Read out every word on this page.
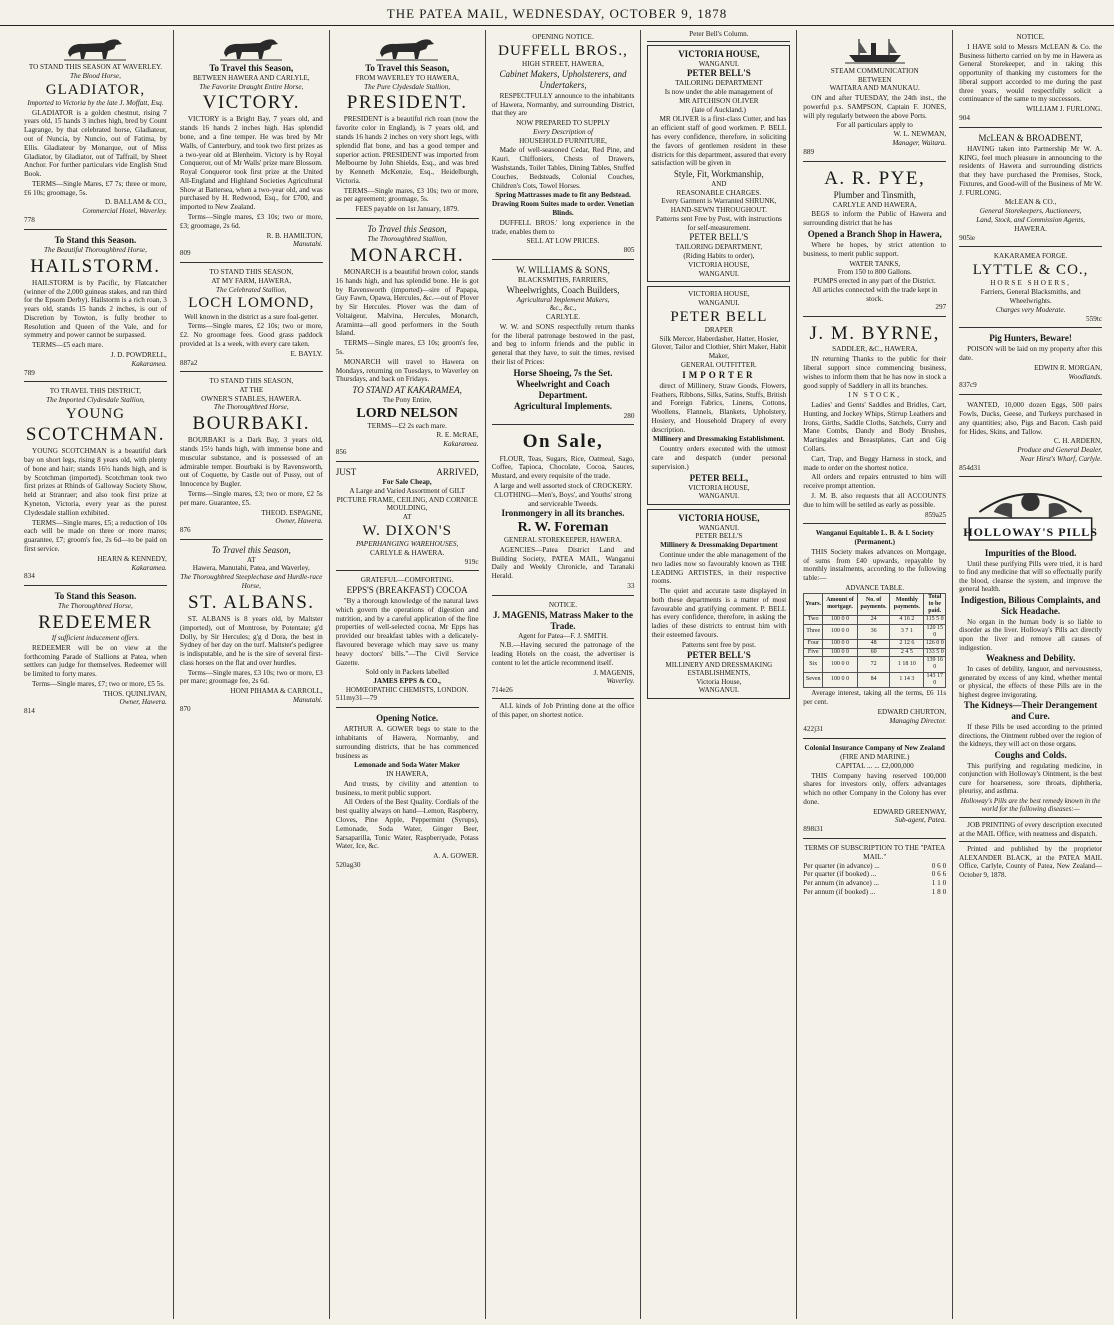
THE PATEA MAIL, WEDNESDAY, OCTOBER 9, 1878
TO STAND THIS SEASON AT WAVERLEY.
The Blood Horse,
GLADIATOR,
Imported to Victoria by the late J. Moffatt, Esq.

GLADIATOR is a golden chestnut, rising 7 years old, 15 hands 3 inches high, bred by Count Lagrange, by that celebrated horse, Gladiateur, out of Nuncia, by Nuncio, out of Fatima, by Ellis. Gladiateur by Monarque, out of Miss Gladiator, by Gladiator, out of Taffrail, by Sheet Anchor. For further particulars vide English Stud Book.

TERMS—Single Mares, £7 7s; three or more, £6 10s; groomage, 5s.

D. BALLAM & CO.,
Commercial Hotel, Waverley.
778
To Stand this Season.
The Beautiful Thoroughbred Horse,
HAILSTORM.

HAILSTORM is by Pacific, by Flatcatcher (winner of the 2,000 guineas stakes, and ran third for the Epsom Derby). Hailstorm is a rich roan, 3 years old, stands 15 hands 2 inches, is out of Discretion by Towton, is fully brother to Resolution and Queen of the Vale, and for symmetry and power cannot be surpassed.

TERMS—£5 each mare.

J. D. POWDRELL,
Kakaramea.
789
TO TRAVEL THIS DISTRICT,
The Imported Clydesdale Stallion,
YOUNG
SCOTCHMAN.

YOUNG SCOTCHMAN is a beautiful dark bay on short legs, rising 8 years old, with plenty of bone and hair; stands 16½ hands high, and is by Scotchman (imported). Scotchman took two first prizes at Rhinds of Galloway Society Show, held at Stranraer; and also took first prize at Kyneton, Victoria, every year as the purest Clydesdale stallion exhibited.

TERMS—Single mares, £5; a reduction of 10s each will be made on three or more mares; guarantee, £7; groom's fee, 2s 6d—to be paid on first service.

HEARN & KENNEDY,
Kakaramea.
834
To Stand this Season.
The Thoroughbred Horse,
REDEEMER
If sufficient inducement offers.

REDEEMER will be on view at the forthcoming Parade of Stallions at Patea, when settlers can judge for themselves. Redeemer will be limited to forty mares.

Terms—Single mares, £7; two or more, £5 5s.

THOS. QUINLIVAN,
Owner, Hawera.
814
To Travel this Season,
BETWEEN HAWERA AND CARLYLE,
The Favorite Draught Entire Horse,
VICTORY.

VICTORY is a Bright Bay, 7 years old, and stands 16 hands 2 inches high. Has splendid bone, and a fine temper. He was bred by Mr Walls, of Canterbury, and took two first prizes as a two-year old at Blenheim. Victory is by Royal Conqueror, out of Mr Walls' prize mare Blossom. Royal Conqueror took first prize at the United All-England and Highland Societies Agricultural Show at Battersea, when a two-year old, and was purchased by H. Redwood, Esq., for £700, and imported to New Zealand.

Terms—Single mares, £3 10s; two or more, £3; groomage, 2s 6d.

R. B. HAMILTON,
Manutahi.
809
TO STAND THIS SEASON,
AT MY FARM, HAWERA,
The Celebrated Stallion,
LOCH LOMOND,
Well known in the district as a sure foal-getter.

Terms—Single mares, £2 10s; two or more, £2. No groomage fees. Good grass paddock provided at 1s a week, with every care taken.

E. BAYLY.
887a2
TO STAND THIS SEASON,
AT THE
OWNER'S STABLES, HAWERA.
The Thoroughbred Horse,
BOURBAKI.

BOURBAKI is a Dark Bay, 3 years old, stands 15½ hands high, with immense bone and muscular substance, and is possessed of an admirable temper. Bourbaki is by Ravensworth, out of Coquette, by Castle out of Pussy, out of Innocence by Bugler.

Terms—Single mares, £3; two or more, £2 5s per mare. Guarantee, £5.

THEOD. ESPAGNE,
Owner, Hawera.
876
To Travel this Season,
AT
Hawera, Manutahi, Patea, and Waverley,
The Thoroughbred Steeplechase and Hurdle-race Horse,
ST. ALBANS.

ST. ALBANS is 8 years old, by Maltster (imported), out of Montrose, by Potentate; g'd Dolly, by Sir Hercules; g'g d Dora, the best in Sydney of her day on the turf. Maltster's pedigree is indisputable, and he is the sire of several first-class horses on the flat and over hurdles.

Terms—Single mares, £3 10s; two or more, £3 per mare; groomage fee, 2s 6d.

HONI PIHAMA & CARROLL,
Manutahi.
870
To Travel this Season,
FROM WAVERLEY TO HAWERA,
The Pure Clydesdale Stallion,
PRESIDENT.

PRESIDENT is a beautiful rich roan (now the favorite color in England), is 7 years old, and stands 16 hands 2 inches on very short legs, with splendid flat bone, and has a good temper and superior action. PRESIDENT was imported from Melbourne by John Shields, Esq., and was bred by Kenneth McKenzie, Esq., Heidelburgh, Victoria.

TERMS—Single mares, £3 10s; two or more, as per agreement; groomage, 5s.

FEES payable on 1st January, 1879.
To Travel this Season,
The Thoroughbred Stallion,
MONARCH.

MONARCH is a beautiful brown color, stands 16 hands high, and has splendid bone. He is got by Ravensworth (imported)—sire of Papapa, Guy Fawn, Opawa, Hercules, &c.—out of Plover by Sir Hercules. Plover was the dam of Voltaigeur, Malvina, Hercules, Monarch, Araminta—all good performers in the South Island.

TERMS—Single mares, £3 10s; groom's fee, 5s.

MONARCH will travel to Hawera on Mondays, returning on Tuesdays, to Waverley on Thursdays, and back on Fridays.

TO STAND AT KAKARAMEA,
The Pony Entire,
LORD NELSON
TERMS—£2 2s each mare.
R. E. McRAE,
Kakaramea.
856
JUST	ARRIVED,
For Sale Cheap,
A Large and Varied Assortment of GILT PICTURE FRAME, CEILING, AND CORNICE MOULDING,
AT
W. DIXON'S
PAPERHANGING WAREHOUSES,
CARLYLE & HAWERA.
919c
GRATEFUL—COMFORTING.
EPPS'S (BREAKFAST) COCOA

"By a thorough knowledge of the natural laws which govern the operations of digestion and nutrition, and by a careful application of the fine properties of well-selected cocoa, Mr Epps has provided our breakfast tables with a delicately-flavoured beverage which may save us many heavy doctors' bills."—The Civil Service Gazette.

Sold only in Packets labelled
JAMES EPPS & CO.,
HOMŒOPATHIC CHEMISTS, LONDON.
511my31—79
Opening Notice.

ARTHUR A. GOWER begs to state to the inhabitants of Hawera, Normanby, and surrounding districts, that he has commenced business as

Lemonade and Soda Water Maker
IN HAWERA,

And trusts, by civility and attention to business, to merit public support.

All Orders of the Best Quality. Cordials of the best quality always on hand—Lemon, Raspberry, Cloves, Pine Apple, Peppermint (Syrups), Lemonade, Soda Water, Ginger Beer, Sarsaparilla, Tonic Water, Raspberryade, Potass Water, Ice, &c.

A. A. GOWER.
520ag30
OPENING NOTICE.
DUFFELL BROS.,
HIGH STREET, HAWERA,
Cabinet Makers, Upholsterers, and Undertakers,

RESPECTFULLY announce to the inhabitants of Hawera, Normanby, and surrounding District, that they are

NOW PREPARED TO SUPPLY
Every Description of
HOUSEHOLD FURNITURE,

Made of well-seasoned Cedar, Red Pine, and Kauri. Chiffoniers, Chests of Drawers, Washstands, Toilet Tables, Dining Tables, Stuffed Couches, Bedsteads, Colonial Couches, Children's Cots, Towel Horses.

Spring Mattrasses made to fit any Bedstead.
Drawing Room Suites made to order. Venetian Blinds.

DUFFELL BROS.' long experience in the trade, enables them to

SELL AT LOW PRICES.
805
W. WILLIAMS & SONS,
BLACKSMITHS, FARRIERS,
Wheelwrights, Coach Builders,
Agricultural Implement Makers,
&c., &c.,
CARLYLE.

W. W. and SONS respectfully return thanks for the liberal patronage bestowed in the past, and beg to inform friends and the public in general that they have, to suit the times, revised their list of Prices:

Horse Shoeing, 7s the Set.
Wheelwright and Coach Department.
Agricultural Implements.
280
On Sale,

FLOUR, Teas, Sugars, Rice, Oatmeal, Sago, Coffee, Tapioca, Chocolate, Cocoa, Sauces, Mustard, and every requisite of the trade.

A large and well assorted stock of CROCKERY.
CLOTHING—Men's, Boys', and Youths' strong and serviceable Tweeds.
Ironmongery in all its branches.
R. W. Foreman
GENERAL STOREKEEPER, HAWERA.

AGENCIES—Patea District Land and Building Society, PATEA MAIL, Wanganui Daily and Weekly Chronicle, and Taranaki Herald.

33
NOTICE.
J. MAGENIS, Matrass Maker to the Trade.
Agent for Patea—F. J. SMITH.

N.B.—Having secured the patronage of the leading Hotels on the coast, the advertiser is content to let the article recommend itself.

J. MAGENIS,
Waverley.
714e26

ALL kinds of Job Printing done at the office of this paper, on shortest notice.

Peter Bell's Column.
VICTORIA HOUSE,
WANGANUI.
PETER BELL'S
TAILORING DEPARTMENT
Is now under the able management of
MR AITCHISON OLIVER
(late of Auckland.)

MR OLIVER is a first-class Cutter, and has an efficient staff of good workmen. P. BELL has every confidence, therefore, in soliciting the favors of gentlemen resident in these districts for this department, assured that every satisfaction will be given in

Style, Fit, Workmanship,
AND
REASONABLE CHARGES.
Every Garment is Warranted SHRUNK,
HAND-SEWN THROUGHOUT.
Patterns sent Free by Post, with instructions for self-measurement.
PETER BELL'S
TAILORING DEPARTMENT,
(Riding Habits to order),
VICTORIA HOUSE,
WANGANUI.
VICTORIA HOUSE,
WANGANUI.
PETER BELL
DRAPER
Silk Mercer, Haberdasher, Hatter, Hosier, Glover, Tailor and Clothier, Shirt Maker, Habit Maker,
GENERAL OUTFITTER.
IMPORTER

direct of Millinery, Straw Goods, Flowers, Feathers, Ribbons, Silks, Satins, Stuffs, British and Foreign Fabrics, Linens, Cottons, Woollens, Flannels, Blankets, Upholstery, Hosiery, and Household Drapery of every description.

Millinery and Dressmaking Establishment.

Country orders executed with the utmost care and despatch (under personal supervision.)

PETER BELL,
VICTORIA HOUSE,
WANGANUI.
VICTORIA HOUSE,
WANGANUI.
PETER BELL'S
Millinery & Dressmaking Department

Continue under the able management of the two ladies now so favourably known as THE LEADING ARTISTES, in their respective rooms.

The quiet and accurate taste displayed in both these departments is a matter of most favourable and gratifying comment. P. BELL has every confidence, therefore, in asking the ladies of these districts to entrust him with their esteemed favours.

Patterns sent free by post.
PETER BELL'S
MILLINERY AND DRESSMAKING ESTABLISHMENTS,
Victoria House,
WANGANUI.
STEAM COMMUNICATION
BETWEEN
WAITARA AND MANUKAU.

ON and after TUESDAY, the 24th inst., the powerful p.s. SAMPSON, Captain F. JONES, will ply regularly between the above Ports.

For all particulars apply to
W. L. NEWMAN,
Manager, Waitara.
889
A. R. PYE,
Plumber and Tinsmith,
CARLYLE AND HAWERA,

BEGS to inform the Public of Hawera and surrounding district that he has

Opened a Branch Shop in Hawera,

Where he hopes, by strict attention to business, to merit public support.

WATER TANKS,
From 150 to 800 Gallons.
PUMPS erected in any part of the District.
All articles connected with the trade kept in stock.
297
J. M. BYRNE,
SADDLER, &C., HAWERA,

IN returning Thanks to the public for their liberal support since commencing business, wishes to inform them that he has now in stock a good supply of Saddlery in all its branches.

IN STOCK,

Ladies' and Gents' Saddles and Bridles, Cart, Hunting, and Jockey Whips, Stirrup Leathers and Irons, Girths, Saddle Cloths, Satchels, Curry and Mane Combs, Dandy and Body Brushes, Martingales and Breastplates, Cart and Gig Collars.

Cart, Trap, and Buggy Harness in stock, and made to order on the shortest notice.

All orders and repairs entrusted to him will receive prompt attention.

J. M. B. also requests that all ACCOUNTS due to him will be settled as early as possible.

859a25
Wanganui Equitable L. B. & I. Society (Permanent.)

THIS Society makes advances on Mortgage, of sums from £40 upwards, repayable by monthly instalments, according to the following table:—

ADVANCE TABLE.
Years.	Amount of mortgage.	No. of payments.	Monthly payments.	Total to be paid.
Two	100 0 0	24	4 16 2	115 5 0
Three	100 0 0	36	3 7 1	120 15 0
Four	100 0 0	48	2 12 6	126 0 0
Five	100 0 0	60	2 4 5	133 5 0
Six	100 0 0	72	1 18 10	139 16 0
Seven	100 0 0	84	1 14 3	143 17 0

Average interest, taking all the terms, £6 11s per cent.

EDWARD CHURTON,
Managing Director.
422j31
Colonial Insurance Company of New Zealand
(FIRE AND MARINE.)
CAPITAL ... ... £2,000,000

THIS Company having reserved 100,000 shares for investors only, offers advantages which no other Company in the Colony has ever done.

EDWARD GREENWAY,
Sub-agent, Patea.
898i31
TERMS OF SUBSCRIPTION TO THE "PATEA MAIL."
Per quarter (in advance) ...	0 6 0
Per quarter (if booked) ...	0 6 6
Per annum (in advance) ...	1 1 0
Per annum (if booked) ...	1 8 0
NOTICE.

I HAVE sold to Messrs McLEAN & Co. the Business hitherto carried on by me in Hawera as General Storekeeper, and in taking this opportunity of thanking my customers for the liberal support accorded to me during the past three years, would respectfully solicit a continuance of the same to my successors.

WILLIAM J. FURLONG.
904
McLEAN & BROADBENT,

HAVING taken into Partnership Mr W. A. KING, feel much pleasure in announcing to the residents of Hawera and surrounding districts that they have purchased the Premises, Stock, Fixtures, and Good-will of the Business of Mr W. J. FURLONG.

McLEAN & CO.,
General Storekeepers, Auctioneers,
Land, Stock, and Commission Agents,
HAWERA.
905ie
KAKARAMEA FORGE.
LYTTLE & CO.,
HORSE SHOERS,
Farriers, General Blacksmiths, and Wheelwrights.
Charges very Moderate.
559tc
Pig Hunters, Beware!

POISON will be laid on my property after this date.

EDWIN R. MORGAN,
Woodlands.
837c9

WANTED, 10,000 dozen Eggs, 500 pairs Fowls, Ducks, Geese, and Turkeys purchased in any quantities; also, Pigs and Bacon. Cash paid for Hides, Skins, and Tallow.

C. H. ARDERN,
Produce and General Dealer,
Near Hirst's Wharf, Carlyle.
854d31
HOLLOWAY'S PILLS
Impurities of the Blood.

Until these purifying Pills were tried, it is hard to find any medicine that will so effectually purify the blood, cleanse the system, and improve the general health.

Indigestion, Bilious Complaints, and Sick Headache.

No organ in the human body is so liable to disorder as the liver. Holloway's Pills act directly upon the liver and remove all causes of indigestion.

Weakness and Debility.

In cases of debility, languor, and nervousness, generated by excess of any kind, whether mental or physical, the effects of these Pills are in the highest degree invigorating.

The Kidneys—Their Derangement and Cure.

If these Pills be used according to the printed directions, the Ointment rubbed over the region of the kidneys, they will act on those organs.

Coughs and Colds.

This purifying and regulating medicine, in conjunction with Holloway's Ointment, is the best cure for hoarseness, sore throats, diphtheria, pleurisy, and asthma.

Holloway's Pills are the best remedy known in the world for the following diseases:—

JOB PRINTING of every description executed at the MAIL Office, with neatness and dispatch.

Printed and published by the proprietor ALEXANDER BLACK, at the PATEA MAIL Office, Carlyle, County of Patea, New Zealand—October 9, 1878.
